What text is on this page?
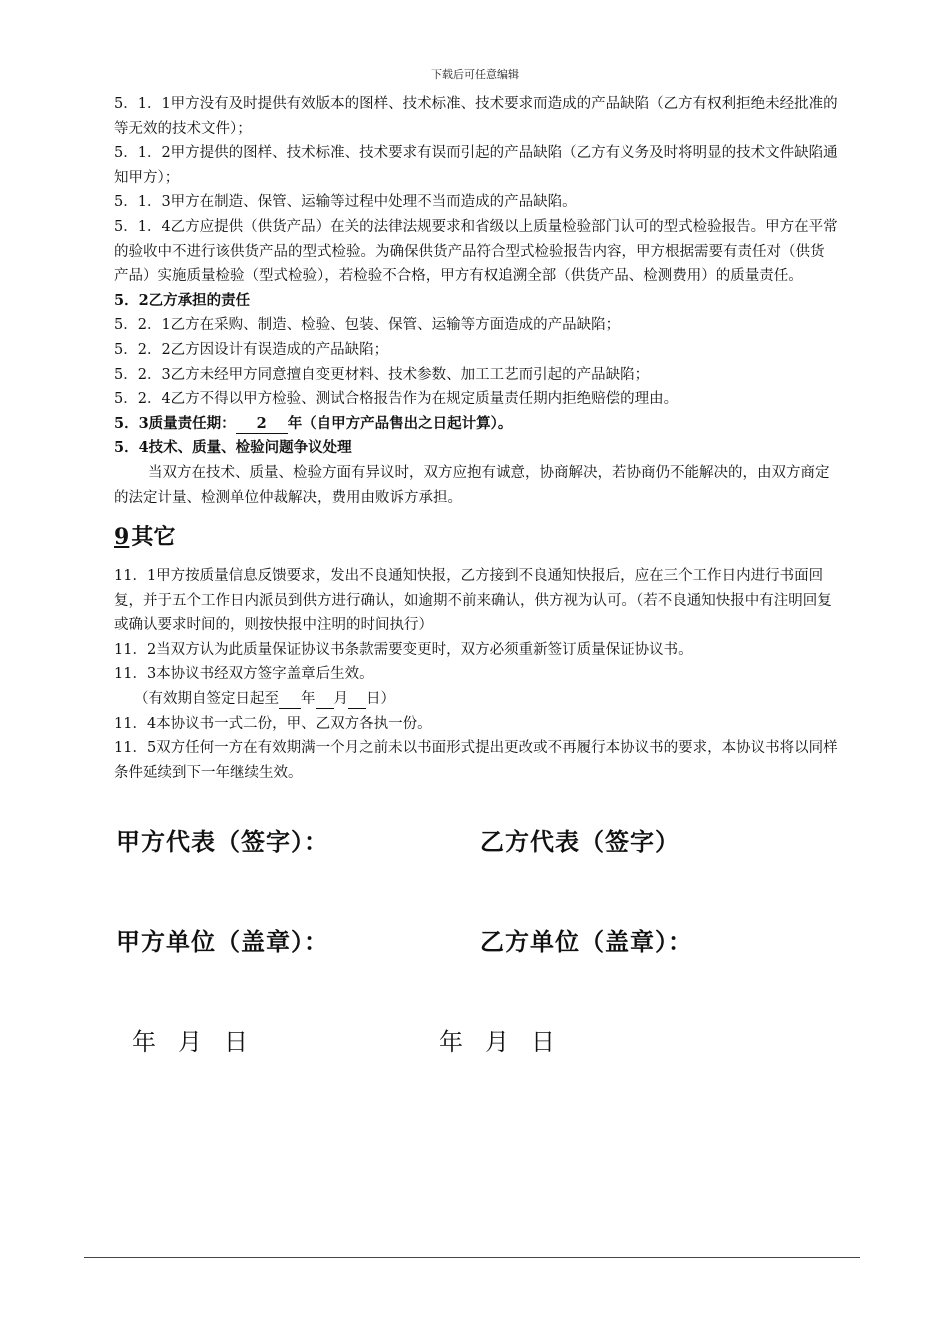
下载后可任意编辑

5．1．1甲方没有及时提供有效版本的图样、技术标准、技术要求而造成的产品缺陷（乙方有权利拒绝未经批准的等无效的技术文件）；

5．1．2甲方提供的图样、技术标准、技术要求有误而引起的产品缺陷（乙方有义务及时将明显的技术文件缺陷通知甲方）；

5．1．3甲方在制造、保管、运输等过程中处理不当而造成的产品缺陷。

5．1．4乙方应提供（供货产品）在关的法律法规要求和省级以上质量检验部门认可的型式检验报告。甲方在平常的验收中不进行该供货产品的型式检验。为确保供货产品符合型式检验报告内容，甲方根据需要有责任对（供货产品）实施质量检验（型式检验），若检验不合格，甲方有权追溯全部（供货产品、检测费用）的质量责任。

5．2乙方承担的责任

5．2．1乙方在采购、制造、检验、包装、保管、运输等方面造成的产品缺陷；

5．2．2乙方因设计有误造成的产品缺陷；

5．2．3乙方未经甲方同意擅自变更材料、技术参数、加工工艺而引起的产品缺陷；

5．2．4乙方不得以甲方检验、测试合格报告作为在规定质量责任期内拒绝赔偿的理由。

5．3质量责任期： 2 年（自甲方产品售出之日起计算）。

5．4技术、质量、检验问题争议处理

当双方在技术、质量、检验方面有异议时，双方应抱有诚意，协商解决，若协商仍不能解决的，由双方商定的法定计量、检测单位仲裁解决，费用由败诉方承担。

9其它

11．1甲方按质量信息反馈要求，发出不良通知快报，乙方接到不良通知快报后，应在三个工作日内进行书面回复，并于五个工作日内派员到供方进行确认，如逾期不前来确认，供方视为认可。（若不良通知快报中有注明回复或确认要求时间的，则按快报中注明的时间执行）

11．2当双方认为此质量保证协议书条款需要变更时，双方必须重新签订质量保证协议书。

11．3本协议书经双方签字盖章后生效。

（有效期自签定日起至 年 月 日）

11．4本协议书一式二份，甲、乙双方各执一份。

11．5双方任何一方在有效期满一个月之前未以书面形式提出更改或不再履行本协议书的要求，本协议书将以同样条件延续到下一年继续生效。

甲方代表（签字）：	乙方代表（签字）
甲方单位（盖章）：	乙方单位（盖章）：
年 月 日	年 月 日
